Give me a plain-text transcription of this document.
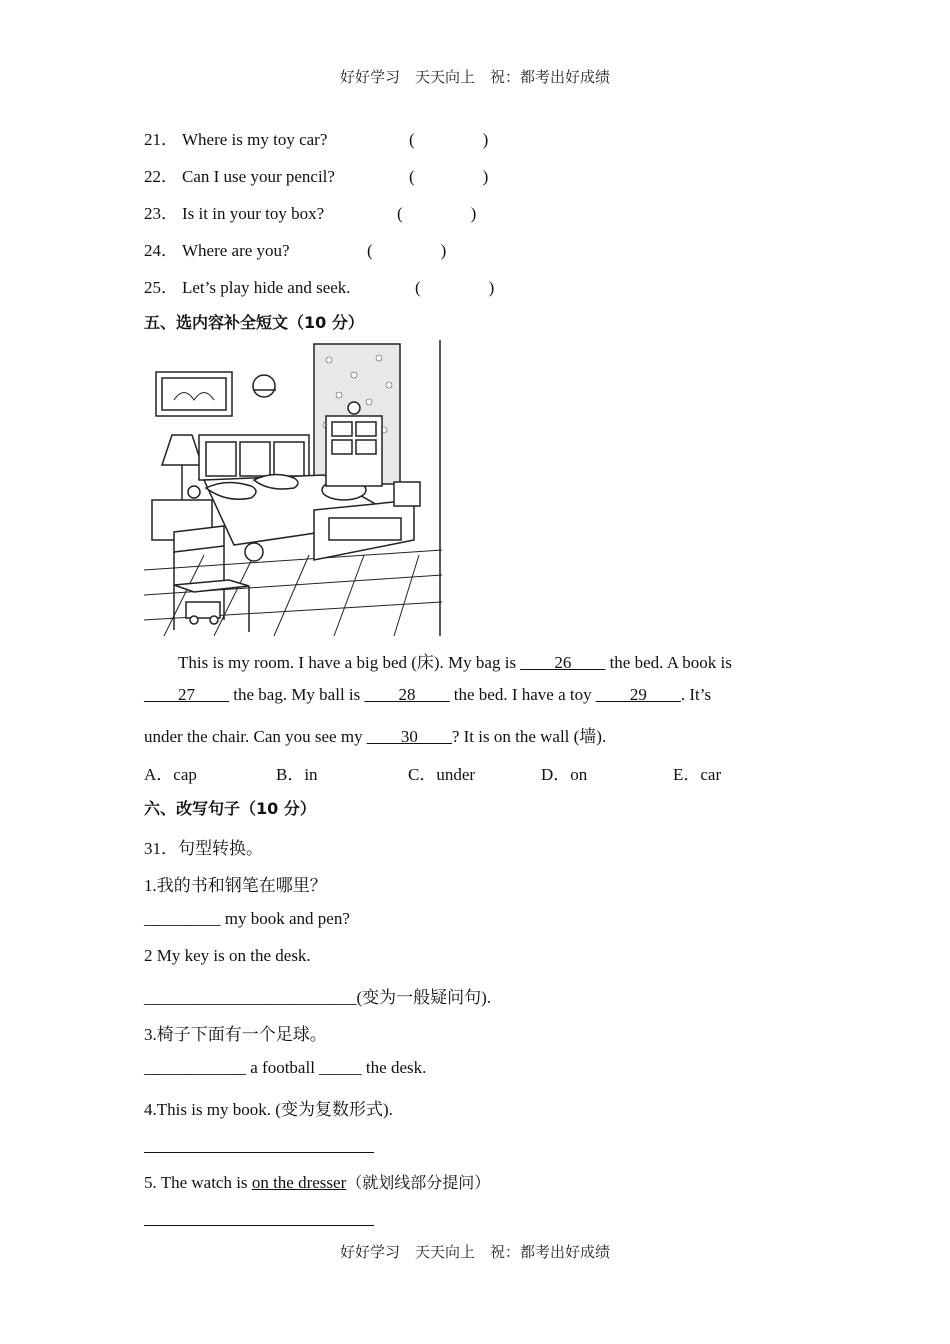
好好学习　天天向上　祝：都考出好成绩
21． Where is my toy car?	(　　　　)
22． Can I use your pencil?	(　　　　)
23． Is it in your toy box?	(　　　　)
24． Where are you?	(　　　　)
25． Let’s play hide and seek.	(　　　　)
五、选内容补全短文（10 分）
This is my room. I have a big bed (床). My bag is ____26____ the bed. A book is
____27____ the bag. My ball is ____28____ the bed. I have a toy ____29____. It’s
under the chair. Can you see my ____30____? It is on the wall (墙).
A．cap	B．in	C．under	D．on	E．car
六、改写句子（10 分）
31．句型转换。
1.我的书和钢笔在哪里？
_________ my book and pen?
2 My key is on the desk.
_________________________(变为一般疑问句).
3.椅子下面有一个足球。
____________ a football _____ the desk.
4.This is my book. (变为复数形式).
5. The watch is on the dresser（就划线部分提问）
好好学习　天天向上　祝：都考出好成绩
